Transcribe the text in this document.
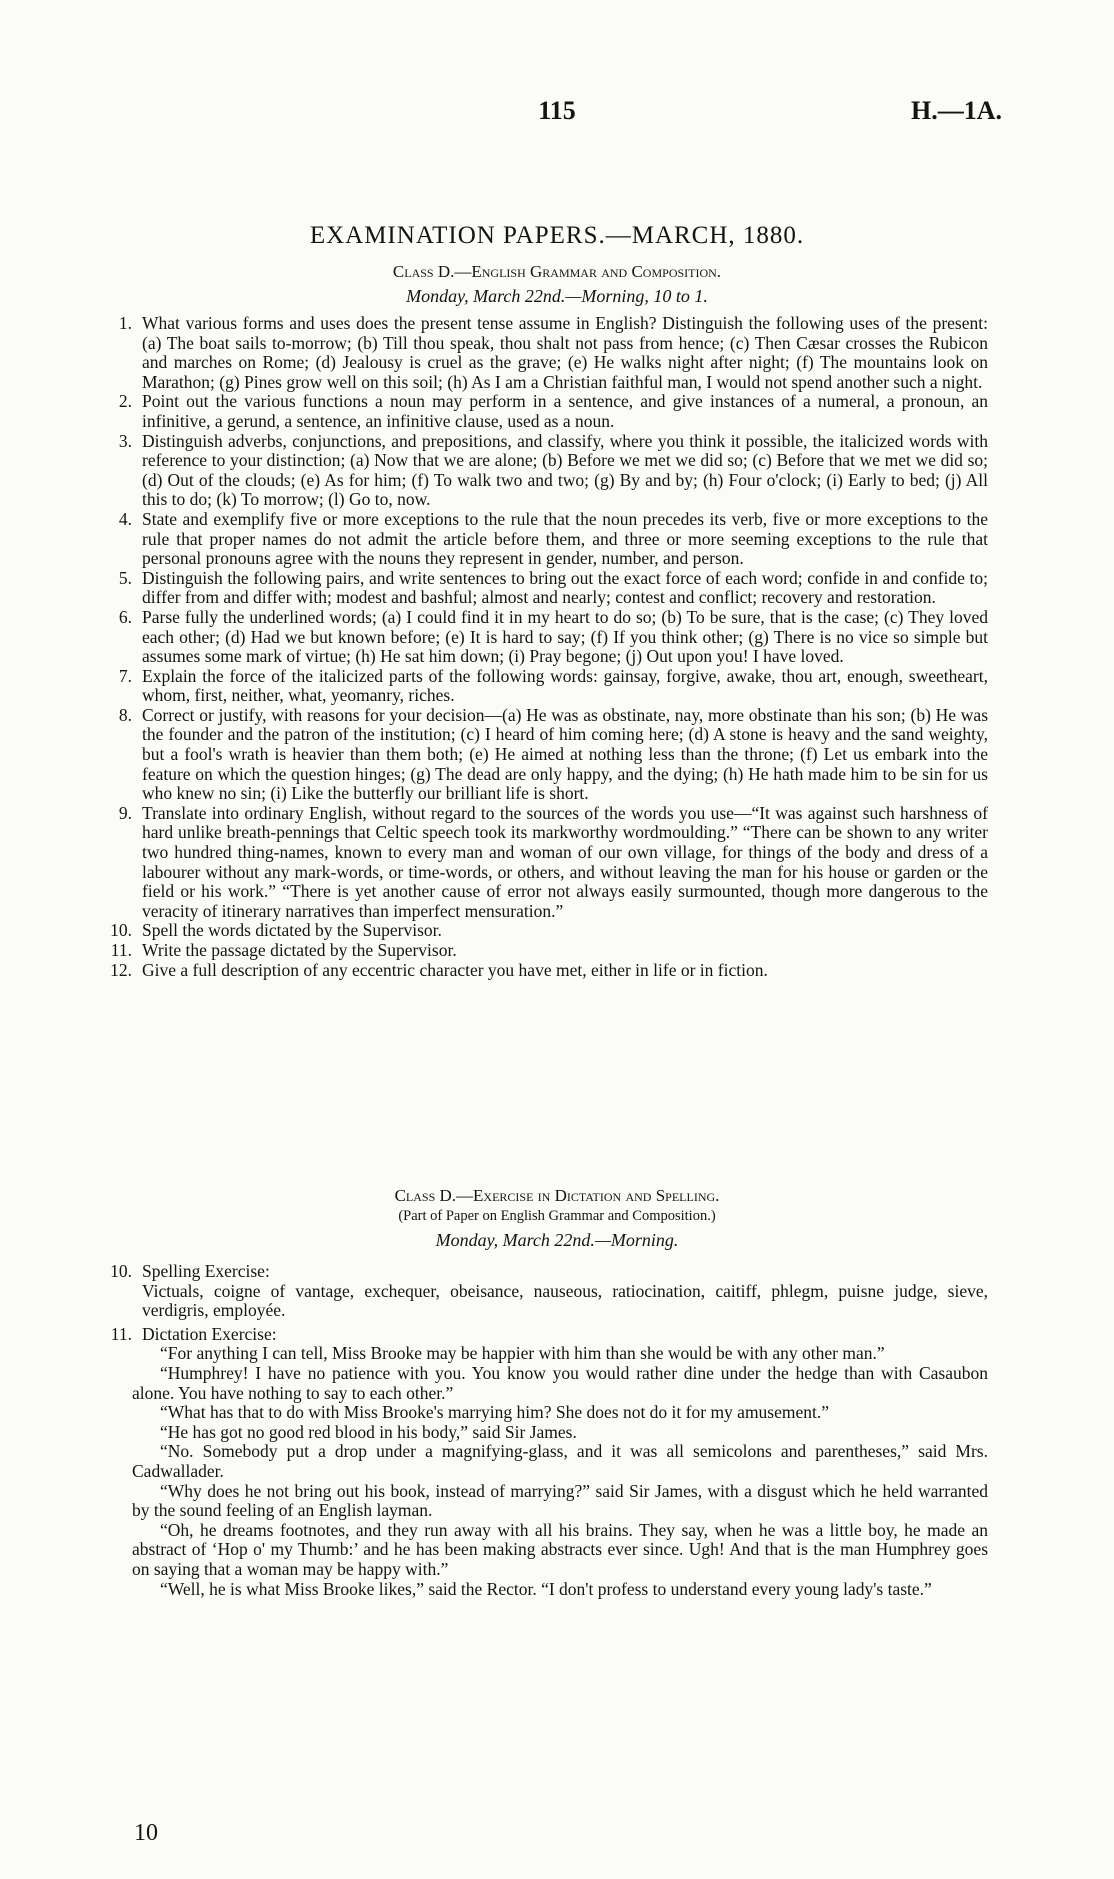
115	H.—1A.
EXAMINATION PAPERS.—MARCH, 1880.
Class D.—English Grammar and Composition.
Monday, March 22nd.—Morning, 10 to 1.
1. What various forms and uses does the present tense assume in English? Distinguish the following uses of the present: (a) The boat sails to-morrow; (b) Till thou speak, thou shalt not pass from hence; (c) Then Cæsar crosses the Rubicon and marches on Rome; (d) Jealousy is cruel as the grave; (e) He walks night after night; (f) The mountains look on Marathon; (g) Pines grow well on this soil; (h) As I am a Christian faithful man, I would not spend another such a night.
2. Point out the various functions a noun may perform in a sentence, and give instances of a numeral, a pronoun, an infinitive, a gerund, a sentence, an infinitive clause, used as a noun.
3. Distinguish adverbs, conjunctions, and prepositions, and classify, where you think it possible, the italicized words with reference to your distinction; (a) Now that we are alone; (b) Before we met we did so; (c) Before that we met we did so; (d) Out of the clouds; (e) As for him; (f) To walk two and two; (g) By and by; (h) Four o'clock; (i) Early to bed; (j) All this to do; (k) To morrow; (l) Go to, now.
4. State and exemplify five or more exceptions to the rule that the noun precedes its verb, five or more exceptions to the rule that proper names do not admit the article before them, and three or more seeming exceptions to the rule that personal pronouns agree with the nouns they represent in gender, number, and person.
5. Distinguish the following pairs, and write sentences to bring out the exact force of each word; confide in and confide to; differ from and differ with; modest and bashful; almost and nearly; contest and conflict; recovery and restoration.
6. Parse fully the underlined words; (a) I could find it in my heart to do so; (b) To be sure, that is the case; (c) They loved each other; (d) Had we but known before; (e) It is hard to say; (f) If you think other; (g) There is no vice so simple but assumes some mark of virtue; (h) He sat him down; (i) Pray begone; (j) Out upon you! I have loved.
7. Explain the force of the italicized parts of the following words: gainsay, forgive, awake, thou art, enough, sweetheart, whom, first, neither, what, yeomanry, riches.
8. Correct or justify, with reasons for your decision—(a) He was as obstinate, nay, more obstinate than his son; (b) He was the founder and the patron of the institution; (c) I heard of him coming here; (d) A stone is heavy and the sand weighty, but a fool's wrath is heavier than them both; (e) He aimed at nothing less than the throne; (f) Let us embark into the feature on which the question hinges; (g) The dead are only happy, and the dying; (h) He hath made him to be sin for us who knew no sin; (i) Like the butterfly our brilliant life is short.
9. Translate into ordinary English, without regard to the sources of the words you use—“It was against such harshness of hard unlike breath-pennings that Celtic speech took its markworthy wordmoulding.” “There can be shown to any writer two hundred thing-names, known to every man and woman of our own village, for things of the body and dress of a labourer without any mark-words, or time-words, or others, and without leaving the man for his house or garden or the field or his work.” “There is yet another cause of error not always easily surmounted, though more dangerous to the veracity of itinerary narratives than imperfect mensuration.”
10. Spell the words dictated by the Supervisor.
11. Write the passage dictated by the Supervisor.
12. Give a full description of any eccentric character you have met, either in life or in fiction.
Class D.—Exercise in Dictation and Spelling.
(Part of Paper on English Grammar and Composition.)
Monday, March 22nd.—Morning.
10. Spelling Exercise:
Victuals, coigne of vantage, exchequer, obeisance, nauseous, ratiocination, caitiff, phlegm, puisne judge, sieve, verdigris, employée.
11. Dictation Exercise:
“For anything I can tell, Miss Brooke may be happier with him than she would be with any other man.”
“Humphrey! I have no patience with you. You know you would rather dine under the hedge than with Casaubon alone. You have nothing to say to each other.”
“What has that to do with Miss Brooke's marrying him? She does not do it for my amusement.”
“He has got no good red blood in his body,” said Sir James.
“No. Somebody put a drop under a magnifying-glass, and it was all semicolons and parentheses,” said Mrs. Cadwallader.
“Why does he not bring out his book, instead of marrying?” said Sir James, with a disgust which he held warranted by the sound feeling of an English layman.
“Oh, he dreams footnotes, and they run away with all his brains. They say, when he was a little boy, he made an abstract of ‘Hop o' my Thumb:’ and he has been making abstracts ever since. Ugh! And that is the man Humphrey goes on saying that a woman may be happy with.”
“Well, he is what Miss Brooke likes,” said the Rector. “I don't profess to understand every young lady's taste.”
10
